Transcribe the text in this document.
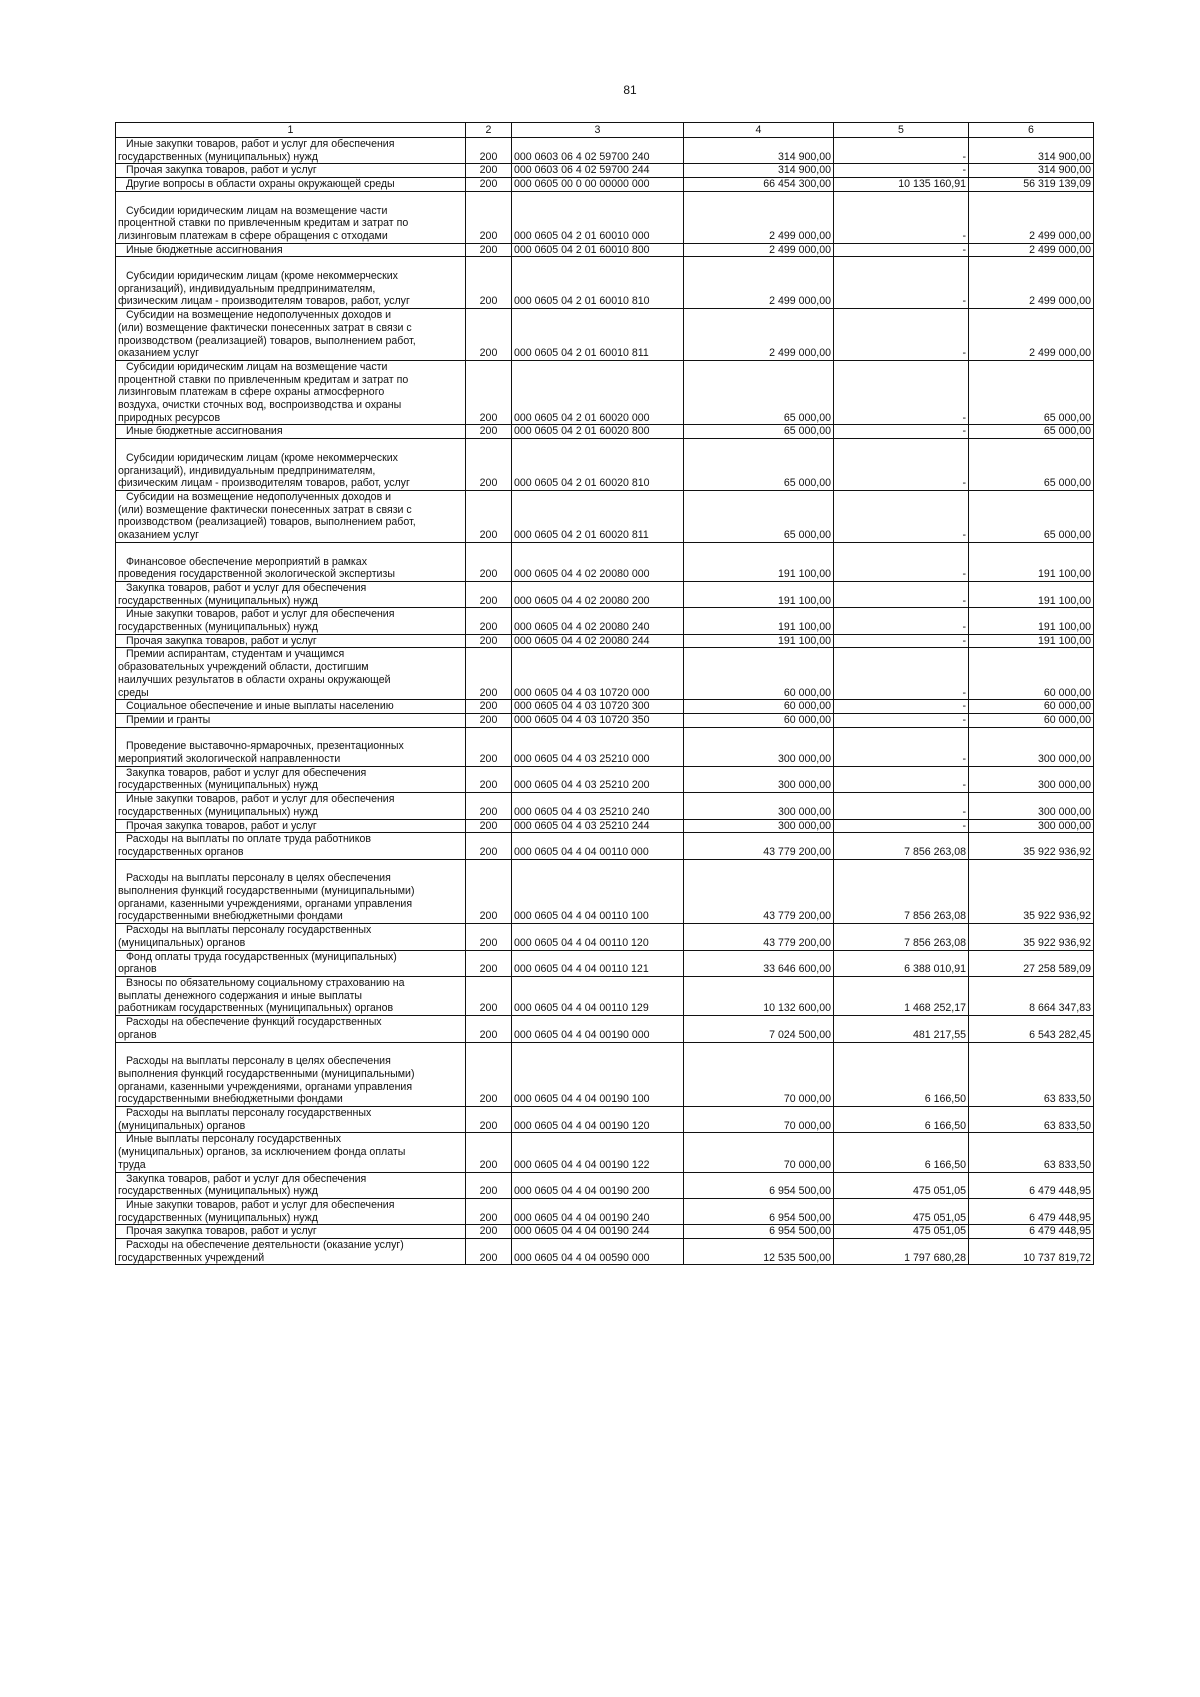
81
1	2	3	4	5	6

Иные закупки товаров, работ и услуг для обеспечения
государственных (муниципальных) нужд	200	000 0603 06 4 02 59700 240	314 900,00	-	314 900,00

Прочая закупка товаров, работ и услуг	200	000 0603 06 4 02 59700 244	314 900,00	-	314 900,00

Другие вопросы в области охраны окружающей среды	200	000 0605 00 0 00 00000 000	66 454 300,00	10 135 160,91	56 319 139,09

Субсидии юридическим лицам на возмещение части
процентной ставки по привлеченным кредитам и затрат по
лизинговым платежам в сфере обращения с отходами	200	000 0605 04 2 01 60010 000	2 499 000,00	-	2 499 000,00

Иные бюджетные ассигнования	200	000 0605 04 2 01 60010 800	2 499 000,00	-	2 499 000,00

Субсидии юридическим лицам (кроме некоммерческих
организаций), индивидуальным предпринимателям,
физическим лицам - производителям товаров, работ, услуг	200	000 0605 04 2 01 60010 810	2 499 000,00	-	2 499 000,00

Субсидии на возмещение недополученных доходов и
(или) возмещение фактически понесенных затрат в связи с
производством (реализацией) товаров, выполнением работ,
оказанием услуг	200	000 0605 04 2 01 60010 811	2 499 000,00	-	2 499 000,00

Субсидии юридическим лицам на возмещение части
процентной ставки по привлеченным кредитам и затрат по
лизинговым платежам в сфере охраны атмосферного
воздуха, очистки сточных вод, воспроизводства и охраны
природных ресурсов	200	000 0605 04 2 01 60020 000	65 000,00	-	65 000,00

Иные бюджетные ассигнования	200	000 0605 04 2 01 60020 800	65 000,00	-	65 000,00

Субсидии юридическим лицам (кроме некоммерческих
организаций), индивидуальным предпринимателям,
физическим лицам - производителям товаров, работ, услуг	200	000 0605 04 2 01 60020 810	65 000,00	-	65 000,00

Субсидии на возмещение недополученных доходов и
(или) возмещение фактически понесенных затрат в связи с
производством (реализацией) товаров, выполнением работ,
оказанием услуг	200	000 0605 04 2 01 60020 811	65 000,00	-	65 000,00

Финансовое обеспечение мероприятий в рамках
проведения государственной экологической экспертизы	200	000 0605 04 4 02 20080 000	191 100,00	-	191 100,00

Закупка товаров, работ и услуг для обеспечения
государственных (муниципальных) нужд	200	000 0605 04 4 02 20080 200	191 100,00	-	191 100,00

Иные закупки товаров, работ и услуг для обеспечения
государственных (муниципальных) нужд	200	000 0605 04 4 02 20080 240	191 100,00	-	191 100,00

Прочая закупка товаров, работ и услуг	200	000 0605 04 4 02 20080 244	191 100,00	-	191 100,00

Премии аспирантам, студентам и учащимся
образовательных учреждений области, достигшим
наилучших результатов в области охраны окружающей
среды	200	000 0605 04 4 03 10720 000	60 000,00	-	60 000,00

Социальное обеспечение и иные выплаты населению	200	000 0605 04 4 03 10720 300	60 000,00	-	60 000,00

Премии и гранты	200	000 0605 04 4 03 10720 350	60 000,00	-	60 000,00

Проведение выставочно-ярмарочных, презентационных
мероприятий экологической направленности	200	000 0605 04 4 03 25210 000	300 000,00	-	300 000,00

Закупка товаров, работ и услуг для обеспечения
государственных (муниципальных) нужд	200	000 0605 04 4 03 25210 200	300 000,00	-	300 000,00

Иные закупки товаров, работ и услуг для обеспечения
государственных (муниципальных) нужд	200	000 0605 04 4 03 25210 240	300 000,00	-	300 000,00

Прочая закупка товаров, работ и услуг	200	000 0605 04 4 03 25210 244	300 000,00	-	300 000,00

Расходы на выплаты по оплате труда работников
государственных органов	200	000 0605 04 4 04 00110 000	43 779 200,00	7 856 263,08	35 922 936,92

Расходы на выплаты персоналу в целях обеспечения
выполнения функций государственными (муниципальными)
органами, казенными учреждениями, органами управления
государственными внебюджетными фондами	200	000 0605 04 4 04 00110 100	43 779 200,00	7 856 263,08	35 922 936,92

Расходы на выплаты персоналу государственных
(муниципальных) органов	200	000 0605 04 4 04 00110 120	43 779 200,00	7 856 263,08	35 922 936,92

Фонд оплаты труда государственных (муниципальных)
органов	200	000 0605 04 4 04 00110 121	33 646 600,00	6 388 010,91	27 258 589,09

Взносы по обязательному социальному страхованию на
выплаты денежного содержания и иные выплаты
работникам государственных (муниципальных) органов	200	000 0605 04 4 04 00110 129	10 132 600,00	1 468 252,17	8 664 347,83

Расходы на обеспечение функций государственных
органов	200	000 0605 04 4 04 00190 000	7 024 500,00	481 217,55	6 543 282,45

Расходы на выплаты персоналу в целях обеспечения
выполнения функций государственными (муниципальными)
органами, казенными учреждениями, органами управления
государственными внебюджетными фондами	200	000 0605 04 4 04 00190 100	70 000,00	6 166,50	63 833,50

Расходы на выплаты персоналу государственных
(муниципальных) органов	200	000 0605 04 4 04 00190 120	70 000,00	6 166,50	63 833,50

Иные выплаты персоналу государственных
(муниципальных) органов, за исключением фонда оплаты
труда	200	000 0605 04 4 04 00190 122	70 000,00	6 166,50	63 833,50

Закупка товаров, работ и услуг для обеспечения
государственных (муниципальных) нужд	200	000 0605 04 4 04 00190 200	6 954 500,00	475 051,05	6 479 448,95

Иные закупки товаров, работ и услуг для обеспечения
государственных (муниципальных) нужд	200	000 0605 04 4 04 00190 240	6 954 500,00	475 051,05	6 479 448,95

Прочая закупка товаров, работ и услуг	200	000 0605 04 4 04 00190 244	6 954 500,00	475 051,05	6 479 448,95

Расходы на обеспечение деятельности (оказание услуг)
государственных учреждений	200	000 0605 04 4 04 00590 000	12 535 500,00	1 797 680,28	10 737 819,72
